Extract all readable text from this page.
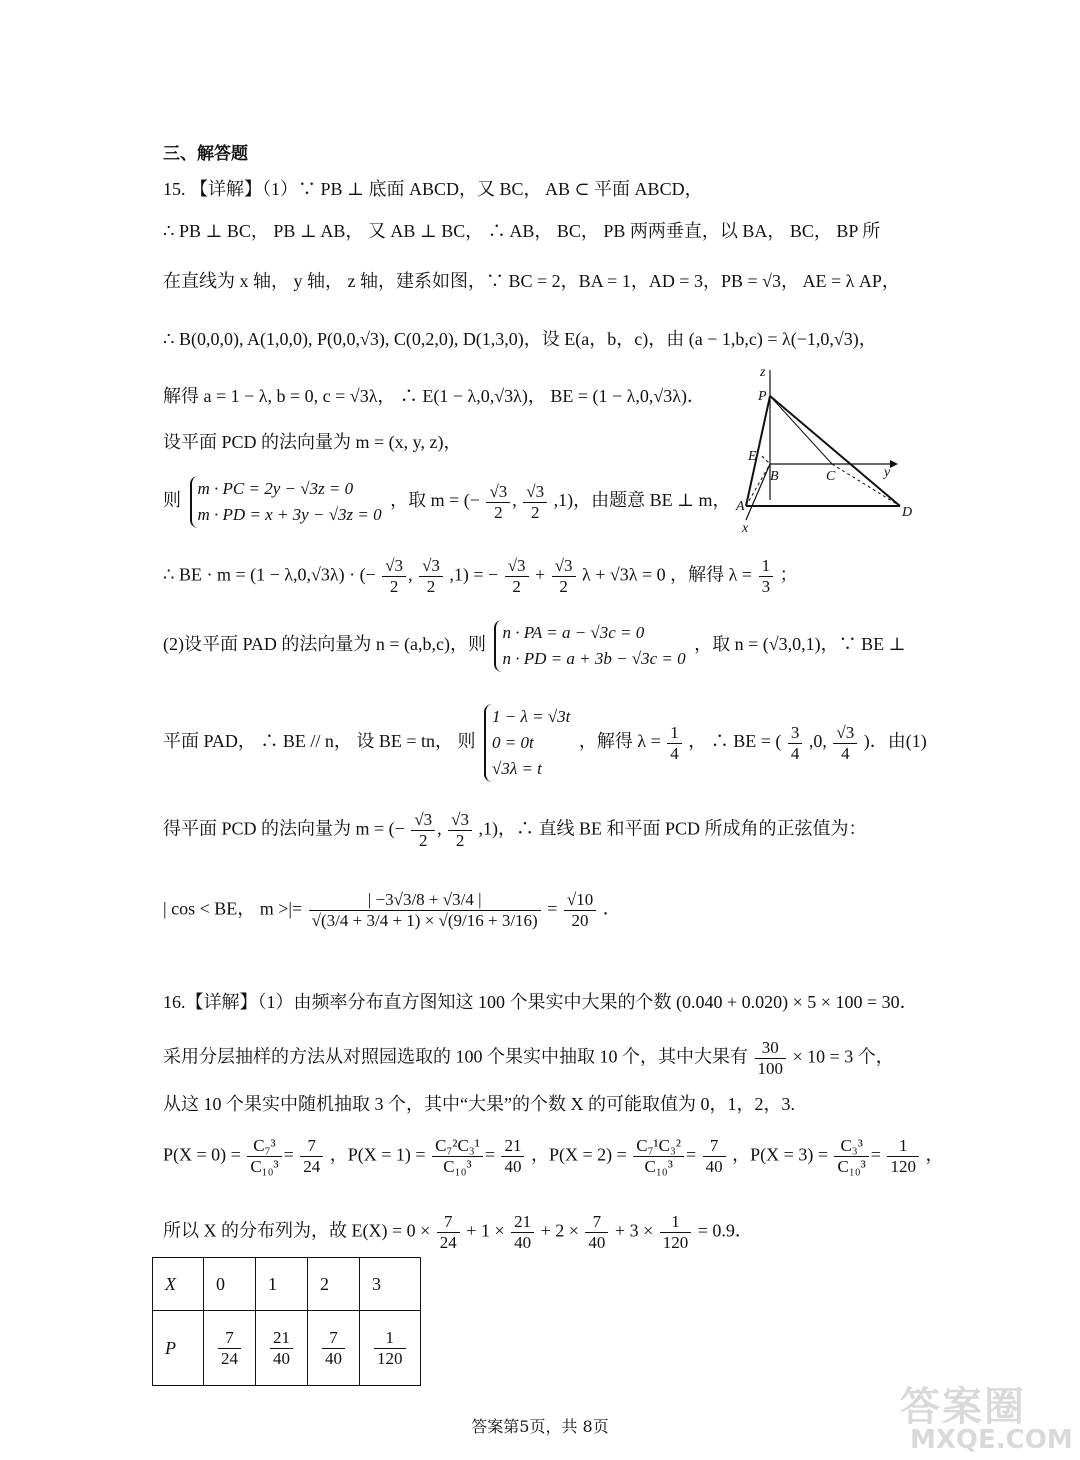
三、解答题
15. 【详解】（1）∵ PB ⊥ 底面 ABCD，又 BC， AB ⊂ 平面 ABCD，
∴ PB ⊥ BC， PB ⊥ AB， 又 AB ⊥ BC， ∴ AB， BC， PB 两两垂直，以 BA， BC， BP 所
在直线为 x 轴， y 轴， z 轴，建系如图，∵ BC = 2，BA = 1，AD = 3，PB = √3， AE = λ AP，
∴ B(0,0,0), A(1,0,0), P(0,0,√3), C(0,2,0), D(1,3,0)，设 E(a，b，c)，由 (a − 1,b,c) = λ(−1,0,√3)，
解得 a = 1 − λ, b = 0, c = √3λ， ∴ E(1 − λ,0,√3λ)， BE = (1 − λ,0,√3λ)．
设平面 PCD 的法向量为 m = (x, y, z)，
则
m · PC = 2y − √3z = 0
m · PD = x + 3y − √3z = 0
，取 m = (− $\frac{√3}{2}$ , $\frac{√3}{2} ,1$)，由题意 BE ⊥ m，
∴ BE · m = (1 − λ,0,√3λ) · (− $\frac{√3}{2}$ , $\frac{√3}{2} ,1$) = − $\frac{√3}{2} + \frac{√3}{2}$ λ + √3λ = 0 ，解得 $\lambda = \frac{1}{3}$ ；
(2)设平面 PAD 的法向量为 n = (a,b,c)，则
n · PA = a − √3c = 0
n · PD = a + 3b − √3c = 0
，取 n = (√3,0,1)，∵ BE ⊥
平面 PAD， ∴ BE // n， 设 BE = tn， 则
1 − λ = √3t
0 = 0t
√3λ = t
，解得 $\lambda = \frac{1}{4}$ ， ∴ BE = ( $\frac{3}{4} ,0$, $\frac{√3}{4}$ )．由(1)
得平面 PCD 的法向量为 m = (− $\frac{√3}{2}$ , $\frac{√3}{2} ,1$)，∴ 直线 BE 和平面 PCD 所成角的正弦值为：
| cos < BE， m >|= $\frac{| -3√3/8 + √3/4 |}{√(3/4 + 3/4 + 1) \times √(9/16 + 3/16)} = \frac{√10}{20}$ ．
z
P
E
B	C	y
A	D
x
16.【详解】（1）由频率分布直方图知这 100 个果实中大果的个数 (0.040 + 0.020) × 5 × 100 = 30．
采用分层抽样的方法从对照园选取的 100 个果实中抽取 10 个，其中大果有 $\frac{30}{100} \times 10 = 3$ 个，
从这 10 个果实中随机抽取 3 个，其中“大果”的个数 X 的可能取值为 0，1，2，3.
$P(X = 0) = \frac{\text{C₇³}}{\text{C₁₀³}} = \frac{7}{24}$ ，$P(X = 1) = \frac{\text{C₇²C₃¹}}{\text{C₁₀³}} = \frac{21}{40}$ ，$P(X = 2) = \frac{\text{C₇¹C₃²}}{\text{C₁₀³}} = \frac{7}{40}$ ，$P(X = 3) = \frac{\text{C₃³}}{\text{C₁₀³}} = \frac{1}{120}$ ，
所以 X 的分布列为，故 $E(X) = 0 \times \frac{7}{24} + 1 \times \frac{21}{40} + 2 \times \frac{7}{40} + 3 \times \frac{1}{120} = 0.9$．
X	0	1	2	3
P	$\frac{7}{24}$	$\frac{21}{40}$	$\frac{7}{40}$	$\frac{1}{120}$
答案第5页，共 8页	答案圈
MXQE.COM
